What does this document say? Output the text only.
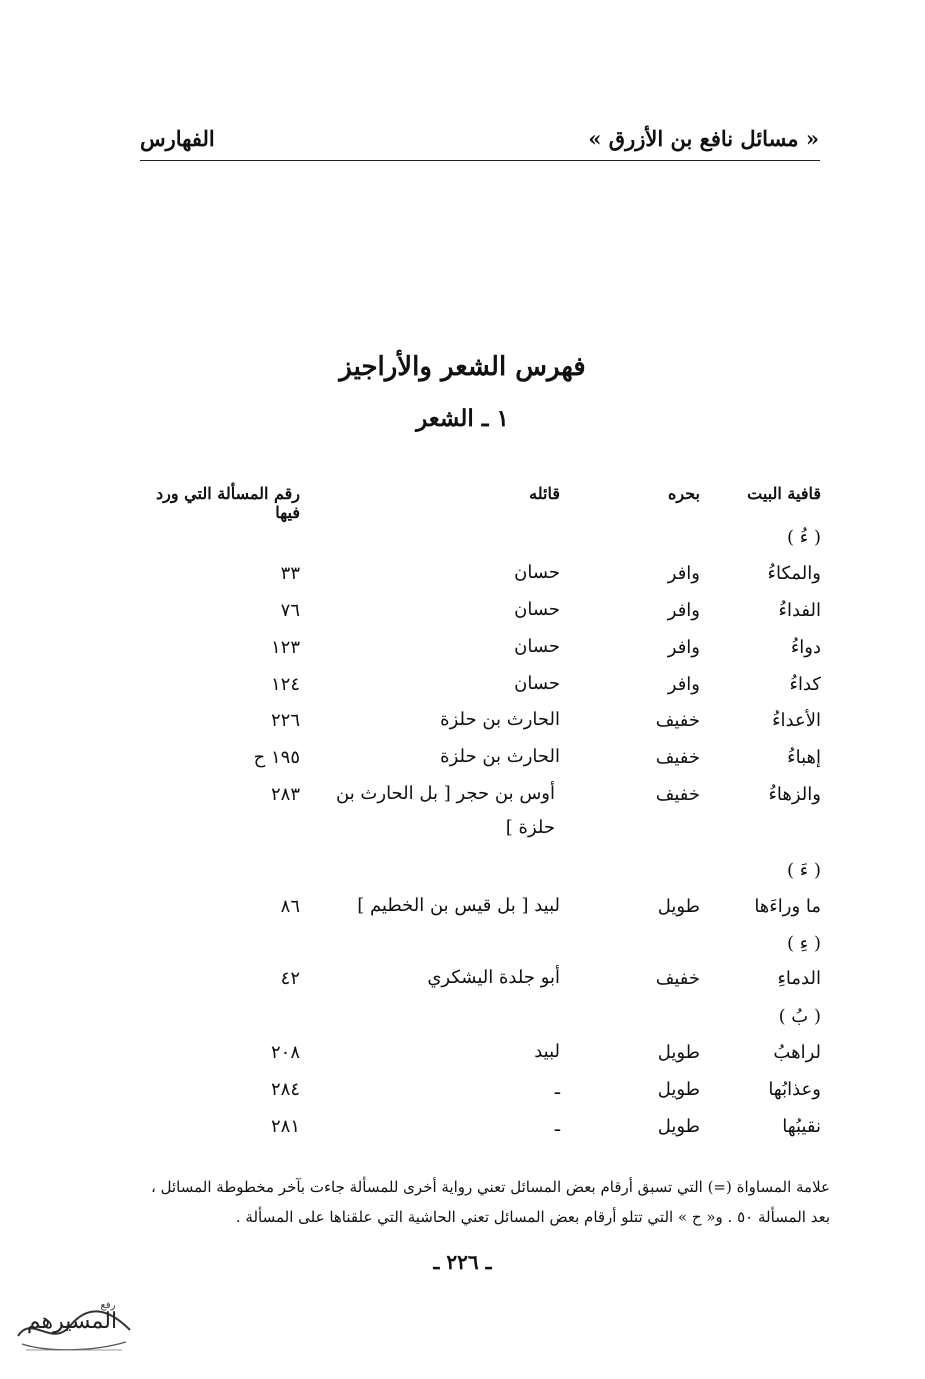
الفهارس	« مسائل نافع بن الأزرق »
فهرس الشعر والأراجيز
١ ـ الشعر
قافية البيت
بحره
قائله
رقم المسألة التي ورد فيها
( ءُ )
والمكاءُ
وافر
حسان
٣٣
الفداءُ
وافر
حسان
٧٦
دواءُ
وافر
حسان
١٢٣
كداءُ
وافر
حسان
١٢٤
الأعداءُ
خفيف
الحارث بن حلزة
٢٢٦
إهباءُ
خفيف
الحارث بن حلزة
١٩٥ ح
والزهاءُ
خفيف
أوس بن حجر [ بل الحارث بن حلزة ]
٢٨٣
( ءَ )
ما وراءَها
طويل
لبيد [ بل قيس بن الخطيم ]
٨٦
( ءِ )
الدماءِ
خفيف
أبو جلدة اليشكري
٤٢
( بُ )
لراهبُ
طويل
لبيد
٢٠٨
وعذابُها
طويل
ـ
٢٨٤
نقيبُها
طويل
ـ
٢٨١
علامة المساواة (=) التي تسبق أرقام بعض المسائل تعني رواية أخرى للمسألة جاءت بآخر مخطوطة المسائل ،
بعد المسألة ٥٠ . و« ح » التي تتلو أرقام بعض المسائل تعني الحاشية التي علقناها على المسألة .
ـ ٢٢٦ ـ
المسيرهم
رفع
